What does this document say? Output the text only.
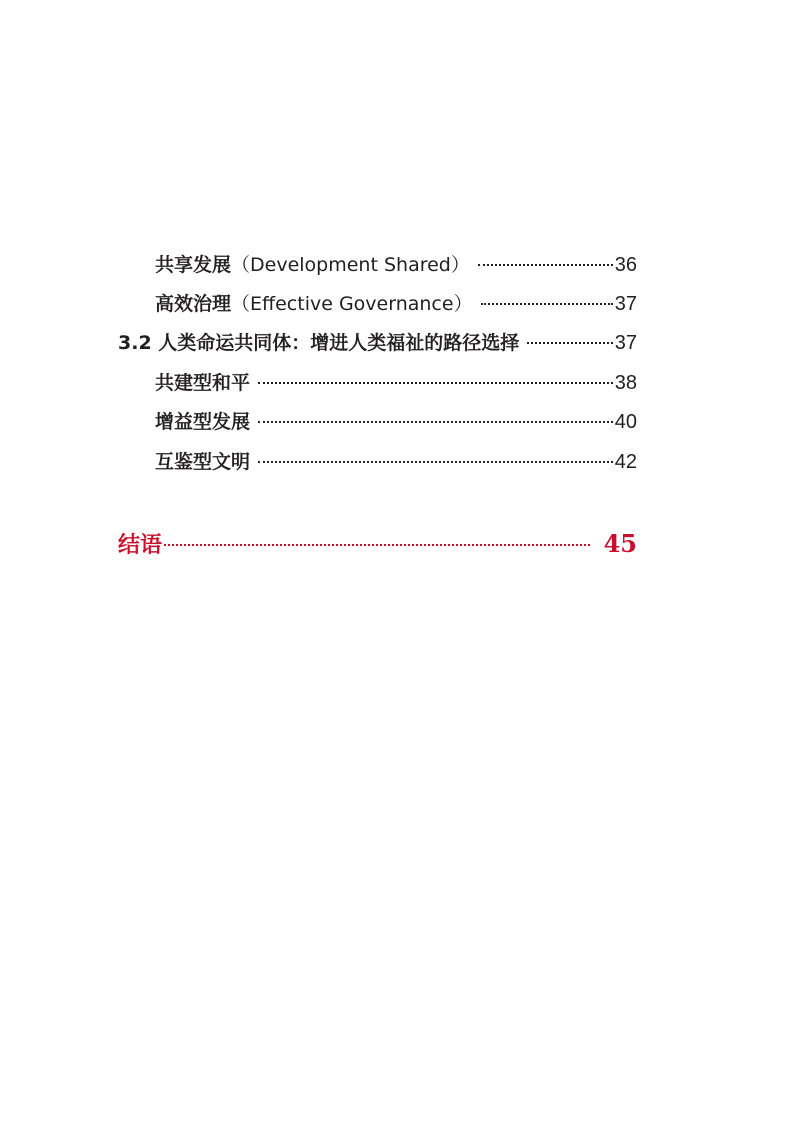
共享发展（Development Shared）	36
高效治理（Effective Governance）	37
3.2 人类命运共同体：增进人类福祉的路径选择	37
共建型和平	38
增益型发展	40
互鉴型文明	42
结语	45
